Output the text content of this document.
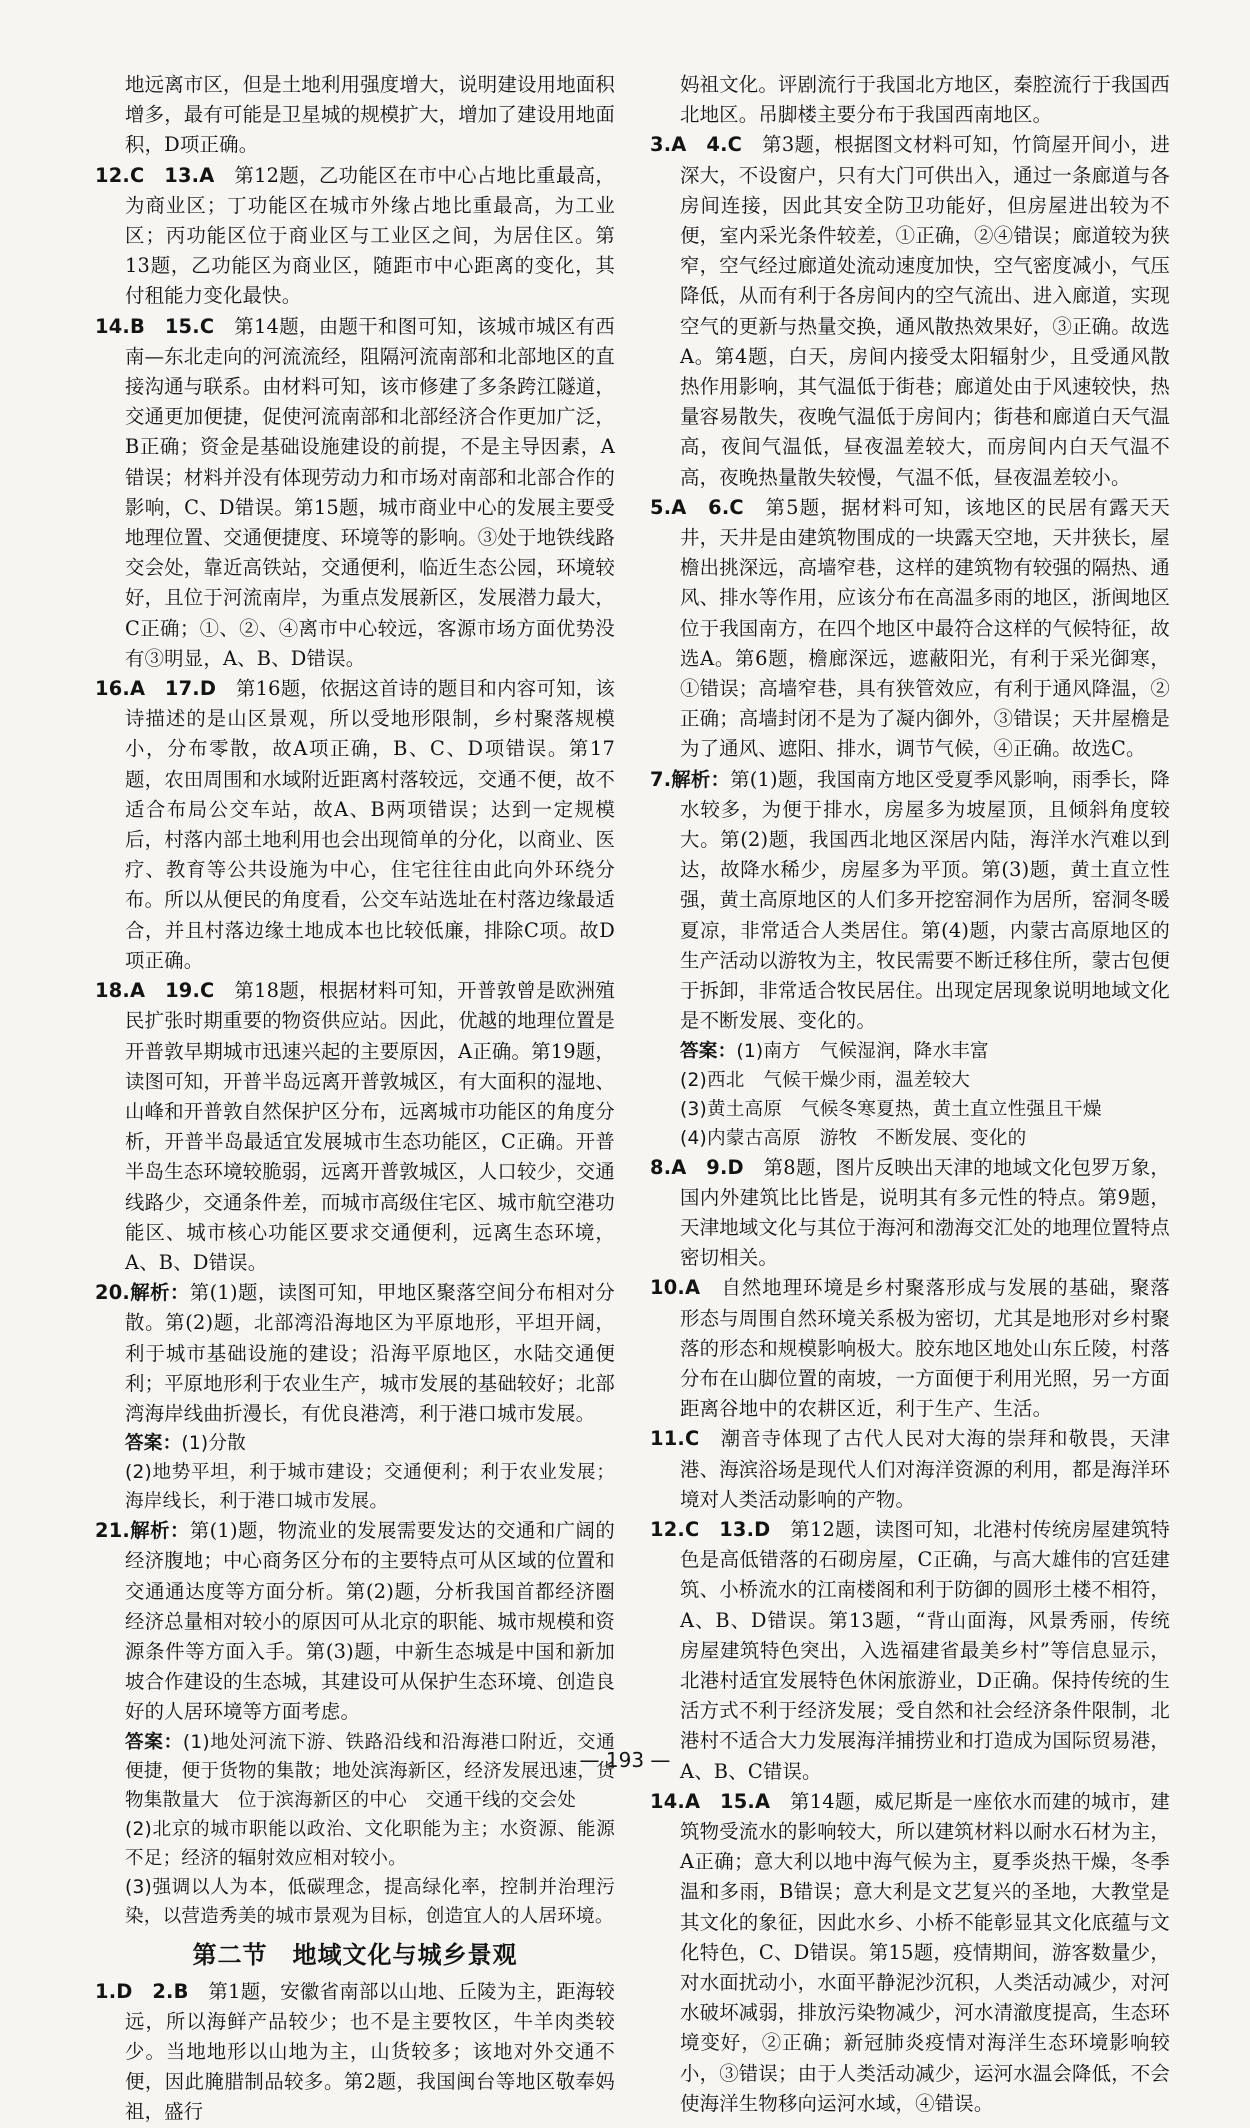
地远离市区，但是土地利用强度增大，说明建设用地面积增多，最有可能是卫星城的规模扩大，增加了建设用地面积，D项正确。

12.C　13.A　 第12题，乙功能区在市中心占地比重最高，为商业区；丁功能区在城市外缘占地比重最高，为工业区；丙功能区位于商业区与工业区之间，为居住区。第13题，乙功能区为商业区，随距市中心距离的变化，其付租能力变化最快。

14.B　15.C　 第14题，由题干和图可知，该城市城区有西南—东北走向的河流流经，阻隔河流南部和北部地区的直接沟通与联系。由材料可知，该市修建了多条跨江隧道，交通更加便捷，促使河流南部和北部经济合作更加广泛，B正确；资金是基础设施建设的前提，不是主导因素，A错误；材料并没有体现劳动力和市场对南部和北部合作的影响，C、D错误。第15题，城市商业中心的发展主要受地理位置、交通便捷度、环境等的影响。③处于地铁线路交会处，靠近高铁站，交通便利，临近生态公园，环境较好，且位于河流南岸，为重点发展新区，发展潜力最大，C正确；①、②、④离市中心较远，客源市场方面优势没有③明显，A、B、D错误。

16.A　17.D　 第16题，依据这首诗的题目和内容可知，该诗描述的是山区景观，所以受地形限制，乡村聚落规模小，分布零散，故A项正确，B、C、D项错误。第17题，农田周围和水域附近距离村落较远，交通不便，故不适合布局公交车站，故A、B两项错误；达到一定规模后，村落内部土地利用也会出现简单的分化，以商业、医疗、教育等公共设施为中心，住宅往往由此向外环绕分布。所以从便民的角度看，公交车站选址在村落边缘最适合，并且村落边缘土地成本也比较低廉，排除C项。故D项正确。

18.A　19.C　 第18题，根据材料可知，开普敦曾是欧洲殖民扩张时期重要的物资供应站。因此，优越的地理位置是开普敦早期城市迅速兴起的主要原因，A正确。第19题，读图可知，开普半岛远离开普敦城区，有大面积的湿地、山峰和开普敦自然保护区分布，远离城市功能区的角度分析，开普半岛最适宜发展城市生态功能区，C正确。开普半岛生态环境较脆弱，远离开普敦城区，人口较少，交通线路少，交通条件差，而城市高级住宅区、城市航空港功能区、城市核心功能区要求交通便利，远离生态环境，A、B、D错误。

20.解析：第(1)题，读图可知，甲地区聚落空间分布相对分散。第(2)题，北部湾沿海地区为平原地形，平坦开阔，利于城市基础设施的建设；沿海平原地区，水陆交通便利；平原地形利于农业生产，城市发展的基础较好；北部湾海岸线曲折漫长，有优良港湾，利于港口城市发展。

答案：(1)分散

(2)地势平坦，利于城市建设；交通便利；利于农业发展；海岸线长，利于港口城市发展。

21.解析：第(1)题，物流业的发展需要发达的交通和广阔的经济腹地；中心商务区分布的主要特点可从区域的位置和交通通达度等方面分析。第(2)题，分析我国首都经济圈经济总量相对较小的原因可从北京的职能、城市规模和资源条件等方面入手。第(3)题，中新生态城是中国和新加坡合作建设的生态城，其建设可从保护生态环境、创造良好的人居环境等方面考虑。

答案：(1)地处河流下游、铁路沿线和沿海港口附近，交通便捷，便于货物的集散；地处滨海新区，经济发展迅速，货物集散量大　位于滨海新区的中心　交通干线的交会处

(2)北京的城市职能以政治、文化职能为主；水资源、能源不足；经济的辐射效应相对较小。

(3)强调以人为本，低碳理念，提高绿化率，控制并治理污染，以营造秀美的城市景观为目标，创造宜人的人居环境。

第二节　地域文化与城乡景观

1.D　2.B　 第1题，安徽省南部以山地、丘陵为主，距海较远，所以海鲜产品较少；也不是主要牧区，牛羊肉类较少。当地地形以山地为主，山货较多；该地对外交通不便，因此腌腊制品较多。第2题，我国闽台等地区敬奉妈祖，盛行

妈祖文化。评剧流行于我国北方地区，秦腔流行于我国西北地区。吊脚楼主要分布于我国西南地区。

3.A　4.C　 第3题，根据图文材料可知，竹筒屋开间小，进深大，不设窗户，只有大门可供出入，通过一条廊道与各房间连接，因此其安全防卫功能好，但房屋进出较为不便，室内采光条件较差，①正确，②④错误；廊道较为狭窄，空气经过廊道处流动速度加快，空气密度减小，气压降低，从而有利于各房间内的空气流出、进入廊道，实现空气的更新与热量交换，通风散热效果好，③正确。故选A。第4题，白天，房间内接受太阳辐射少，且受通风散热作用影响，其气温低于街巷；廊道处由于风速较快，热量容易散失，夜晚气温低于房间内；街巷和廊道白天气温高，夜间气温低，昼夜温差较大，而房间内白天气温不高，夜晚热量散失较慢，气温不低，昼夜温差较小。

5.A　6.C　 第5题，据材料可知，该地区的民居有露天天井，天井是由建筑物围成的一块露天空地，天井狭长，屋檐出挑深远，高墙窄巷，这样的建筑物有较强的隔热、通风、排水等作用，应该分布在高温多雨的地区，浙闽地区位于我国南方，在四个地区中最符合这样的气候特征，故选A。第6题，檐廊深远，遮蔽阳光，有利于采光御寒，①错误；高墙窄巷，具有狭管效应，有利于通风降温，②正确；高墙封闭不是为了凝内御外，③错误；天井屋檐是为了通风、遮阳、排水，调节气候，④正确。故选C。

7.解析：第(1)题，我国南方地区受夏季风影响，雨季长，降水较多，为便于排水，房屋多为坡屋顶，且倾斜角度较大。第(2)题，我国西北地区深居内陆，海洋水汽难以到达，故降水稀少，房屋多为平顶。第(3)题，黄土直立性强，黄土高原地区的人们多开挖窑洞作为居所，窑洞冬暖夏凉，非常适合人类居住。第(4)题，内蒙古高原地区的生产活动以游牧为主，牧民需要不断迁移住所，蒙古包便于拆卸，非常适合牧民居住。出现定居现象说明地域文化是不断发展、变化的。

答案：(1)南方　气候湿润，降水丰富

(2)西北　气候干燥少雨，温差较大

(3)黄土高原　气候冬寒夏热，黄土直立性强且干燥

(4)内蒙古高原　游牧　不断发展、变化的

8.A　9.D　 第8题，图片反映出天津的地域文化包罗万象，国内外建筑比比皆是，说明其有多元性的特点。第9题，天津地域文化与其位于海河和渤海交汇处的地理位置特点密切相关。

10.A　 自然地理环境是乡村聚落形成与发展的基础，聚落形态与周围自然环境关系极为密切，尤其是地形对乡村聚落的形态和规模影响极大。胶东地区地处山东丘陵，村落分布在山脚位置的南坡，一方面便于利用光照，另一方面距离谷地中的农耕区近，利于生产、生活。

11.C　 潮音寺体现了古代人民对大海的崇拜和敬畏，天津港、海滨浴场是现代人们对海洋资源的利用，都是海洋环境对人类活动影响的产物。

12.C　13.D　 第12题，读图可知，北港村传统房屋建筑特色是高低错落的石砌房屋，C正确，与高大雄伟的宫廷建筑、小桥流水的江南楼阁和利于防御的圆形土楼不相符，A、B、D错误。第13题，“背山面海，风景秀丽，传统房屋建筑特色突出，入选福建省最美乡村”等信息显示，北港村适宜发展特色休闲旅游业，D正确。保持传统的生活方式不利于经济发展；受自然和社会经济条件限制，北港村不适合大力发展海洋捕捞业和打造成为国际贸易港，A、B、C错误。

14.A　15.A　 第14题，威尼斯是一座依水而建的城市，建筑物受流水的影响较大，所以建筑材料以耐水石材为主，A正确；意大利以地中海气候为主，夏季炎热干燥，冬季温和多雨，B错误；意大利是文艺复兴的圣地，大教堂是其文化的象征，因此水乡、小桥不能彰显其文化底蕴与文化特色，C、D错误。第15题，疫情期间，游客数量少，对水面扰动小，水面平静泥沙沉积，人类活动减少，对河水破坏减弱，排放污染物减少，河水清澈度提高，生态环境变好，②正确；新冠肺炎疫情对海洋生态环境影响较小，③错误；由于人类活动减少，运河水温会降低，不会使海洋生物移向运河水域，④错误。

— 193 —
